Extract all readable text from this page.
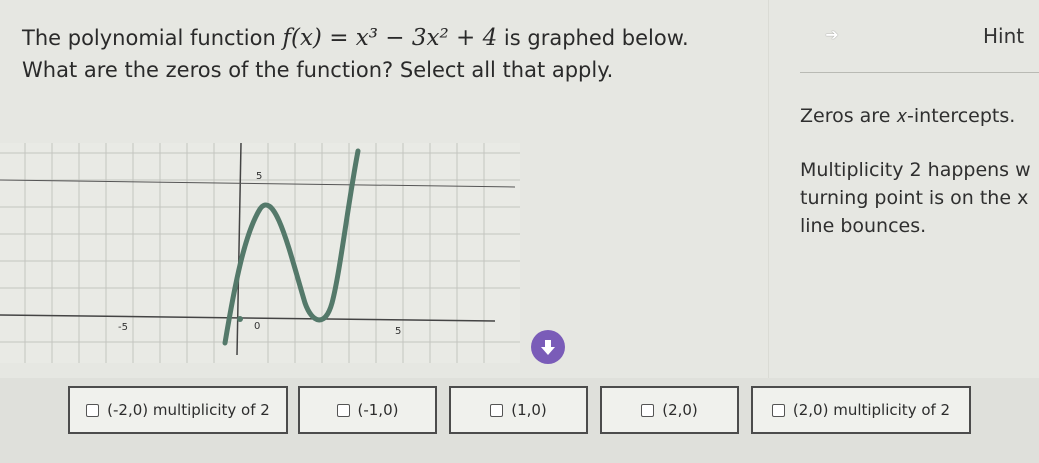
The polynomial function f(x) = x³ − 3x² + 4 is graphed below. What are the zeros of the function? Select all that apply.
➔	Hint

Zeros are 𝑥-intercepts.

Multiplicity 2 happens w

turning point is on the x

line bounces.

-5	0	5
5
(-2,0) multiplicity of 2	(-1,0)	(1,0)	(2,0)	(2,0) multiplicity of 2
